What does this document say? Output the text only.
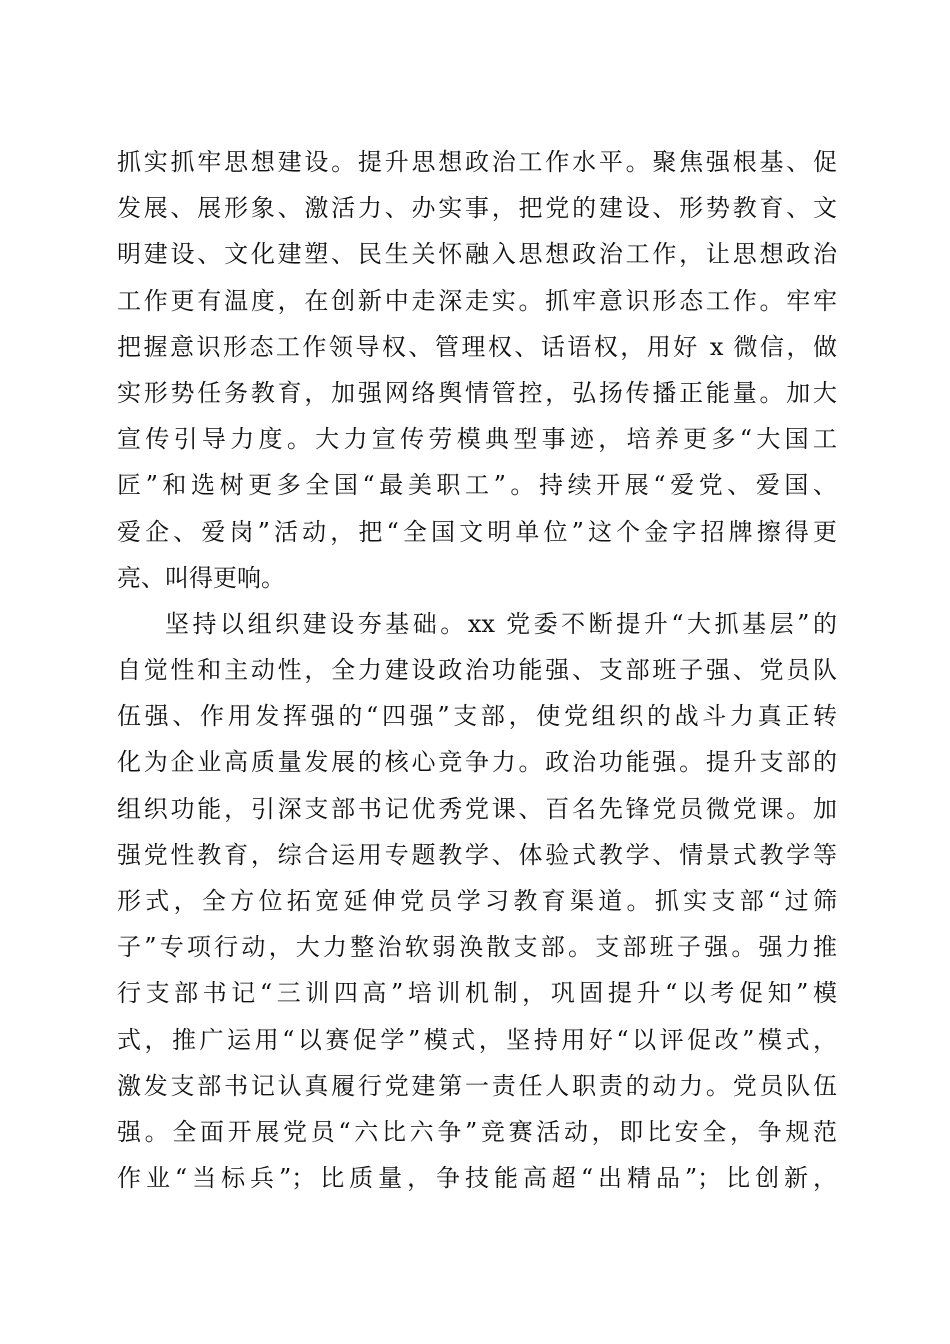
抓实抓牢思想建设。提升思想政治工作水平。聚焦强根基、促
发展、展形象、激活力、办实事，把党的建设、形势教育、文
明建设、文化建塑、民生关怀融入思想政治工作，让思想政治
工作更有温度，在创新中走深走实。抓牢意识形态工作。牢牢
把握意识形态工作领导权、管理权、话语权，用好 x 微信，做
实形势任务教育，加强网络舆情管控，弘扬传播正能量。加大
宣传引导力度。大力宣传劳模典型事迹，培养更多“大国工
匠”和选树更多全国“最美职工”。持续开展“爱党、爱国、
爱企、爱岗”活动，把“全国文明单位”这个金字招牌擦得更
亮、叫得更响。
坚持以组织建设夯基础。xx 党委不断提升“大抓基层”的
自觉性和主动性，全力建设政治功能强、支部班子强、党员队
伍强、作用发挥强的“四强”支部，使党组织的战斗力真正转
化为企业高质量发展的核心竞争力。政治功能强。提升支部的
组织功能，引深支部书记优秀党课、百名先锋党员微党课。加
强党性教育，综合运用专题教学、体验式教学、情景式教学等
形式，全方位拓宽延伸党员学习教育渠道。抓实支部“过筛
子”专项行动，大力整治软弱涣散支部。支部班子强。强力推
行支部书记“三训四高”培训机制，巩固提升“以考促知”模
式，推广运用“以赛促学”模式，坚持用好“以评促改”模式，
激发支部书记认真履行党建第一责任人职责的动力。党员队伍
强。全面开展党员“六比六争”竞赛活动，即比安全，争规范
作业“当标兵”；比质量，争技能高超“出精品”；比创新，
